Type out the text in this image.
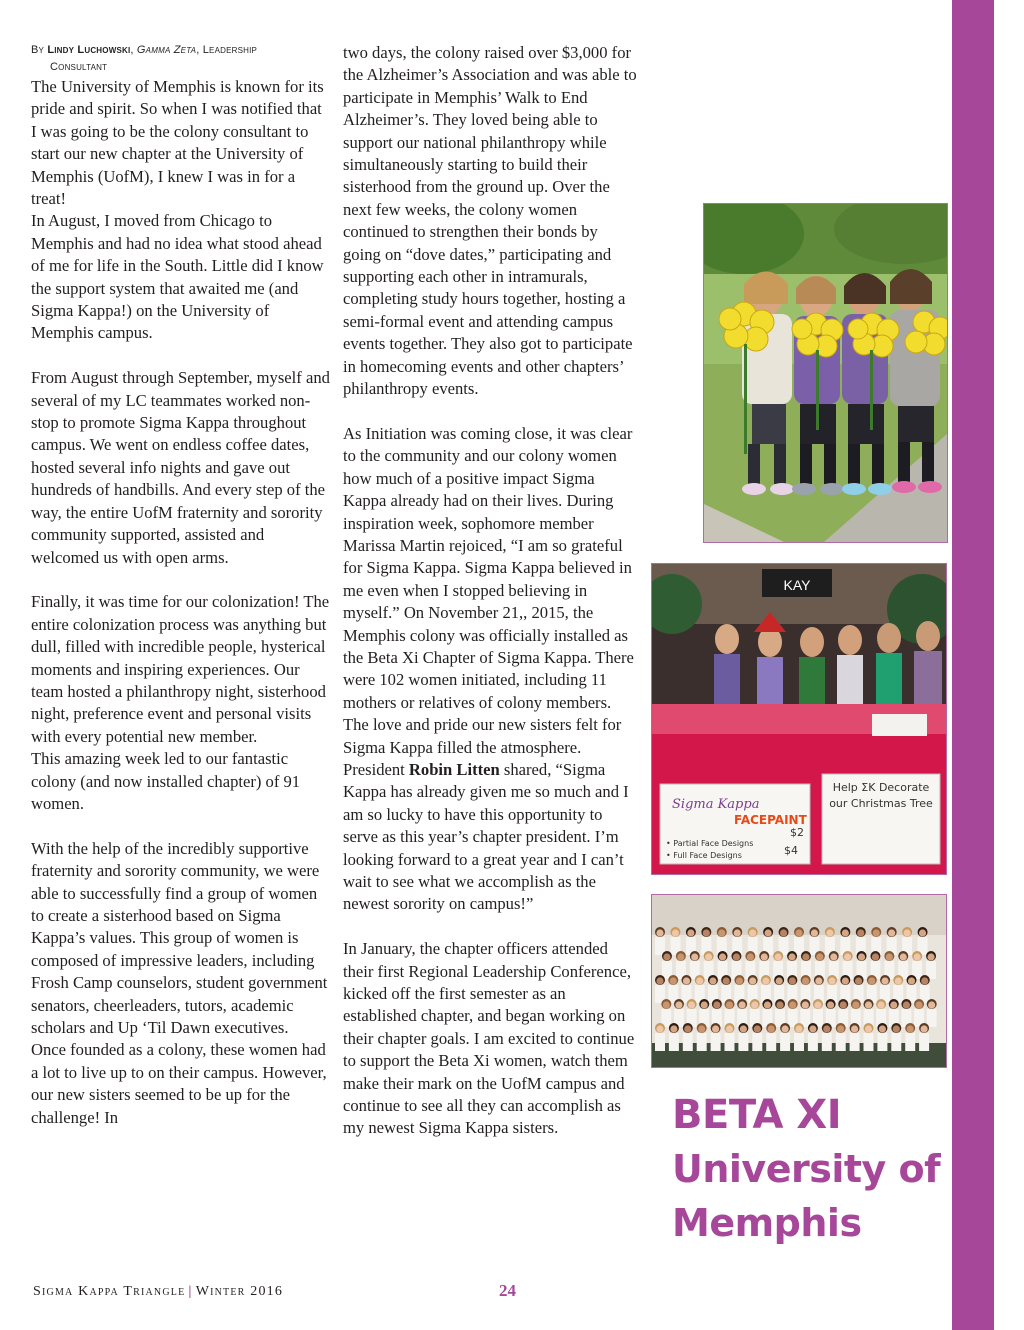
By Lindy Luchowski, Gamma Zeta, Leadership
Consultant

The University of Memphis is known for its pride and spirit. So when I was notified that I was going to be the colony consultant to start our new chapter at the University of Memphis (UofM), I knew I was in for a treat!

In August, I moved from Chicago to Memphis and had no idea what stood ahead of me for life in the South. Little did I know the support system that awaited me (and Sigma Kappa!) on the University of Memphis campus.

From August through September, myself and several of my LC teammates worked non-stop to promote Sigma Kappa throughout campus. We went on endless coffee dates, hosted several info nights and gave out hundreds of handbills. And every step of the way, the entire UofM fraternity and sorority community supported, assisted and welcomed us with open arms.

Finally, it was time for our colonization! The entire colonization process was anything but dull, filled with incredible people, hysterical moments and inspiring experiences. Our team hosted a philanthropy night, sisterhood night, preference event and personal visits with every potential new member.

This amazing week led to our fantastic colony (and now installed chapter) of 91 women.

With the help of the incredibly supportive fraternity and sorority community, we were able to successfully find a group of women to create a sisterhood based on Sigma Kappa’s values. This group of women is composed of impressive leaders, including Frosh Camp counselors, student government senators, cheerleaders, tutors, academic scholars and Up ‘Til Dawn executives.

Once founded as a colony, these women had a lot to live up to on their campus. However, our new sisters seemed to be up for the challenge! In

two days, the colony raised over $3,000 for the Alzheimer’s Association and was able to participate in Memphis’ Walk to End Alzheimer’s. They loved being able to support our national philanthropy while simultaneously starting to build their sisterhood from the ground up. Over the next few weeks, the colony women continued to strengthen their bonds by going on “dove dates,” participating and supporting each other in intramurals, completing study hours together, hosting a semi-formal event and attending campus events together. They also got to participate in homecoming events and other chapters’ philanthropy events.

As Initiation was coming close, it was clear to the community and our colony women how much of a positive impact Sigma Kappa already had on their lives. During inspiration week, sophomore member Marissa Martin rejoiced, “I am so grateful for Sigma Kappa. Sigma Kappa believed in me even when I stopped believing in myself.” On November 21,, 2015, the Memphis colony was officially installed as the Beta Xi Chapter of Sigma Kappa. There were 102 women initiated, including 11 mothers or relatives of colony members. The love and pride our new sisters felt for Sigma Kappa filled the atmosphere. President Robin Litten shared, “Sigma Kappa has already given me so much and I am so lucky to have this opportunity to serve as this year’s chapter president. I’m looking forward to a great year and I can’t wait to see what we accomplish as the newest sorority on campus!”

In January, the chapter officers attended their first Regional Leadership Conference, kicked off the first semester as an established chapter, and began working on their chapter goals. I am excited to continue to support the Beta Xi women, watch them make their mark on the UofM campus and continue to see all they can accomplish as my newest Sigma Kappa sisters.

KAY
Sigma Kappa
FACEPAINT
• Partial Face Designs
• Full Face Designs
$2
$4
Help ΣK Decorate our Christmas Tree
BETA XI
University of
Memphis
Sigma Kappa Triangle | Winter 2016	24
